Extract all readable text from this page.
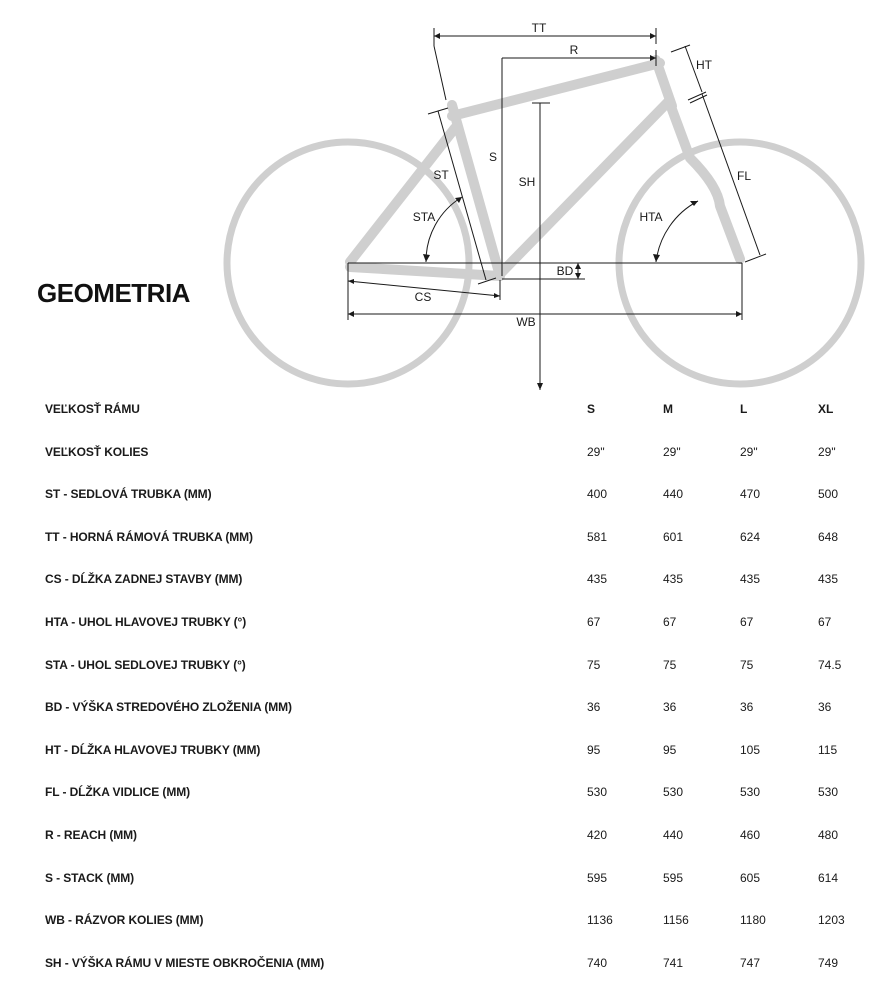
TT
R
HT
S
SH
ST
STA
FL
HTA
BD
CS
WB
GEOMETRIA
VEĽKOSŤ RÁMU	S	M	L	XL
VEĽKOSŤ KOLIES	29"	29"	29"	29"
ST - SEDLOVÁ TRUBKA (MM)	400	440	470	500
TT - HORNÁ RÁMOVÁ TRUBKA (MM)	581	601	624	648
CS - DĹŽKA ZADNEJ STAVBY (MM)	435	435	435	435
HTA - UHOL HLAVOVEJ TRUBKY (°)	67	67	67	67
STA - UHOL SEDLOVEJ TRUBKY (°)	75	75	75	74.5
BD - VÝŠKA STREDOVÉHO ZLOŽENIA (MM)	36	36	36	36
HT - DĹŽKA HLAVOVEJ TRUBKY (MM)	95	95	105	115
FL - DĹŽKA VIDLICE (MM)	530	530	530	530
R - REACH (MM)	420	440	460	480
S - STACK (MM)	595	595	605	614
WB - RÁZVOR KOLIES (MM)	1136	1156	1180	1203
SH - VÝŠKA RÁMU V MIESTE OBKROČENIA (MM)	740	741	747	749
